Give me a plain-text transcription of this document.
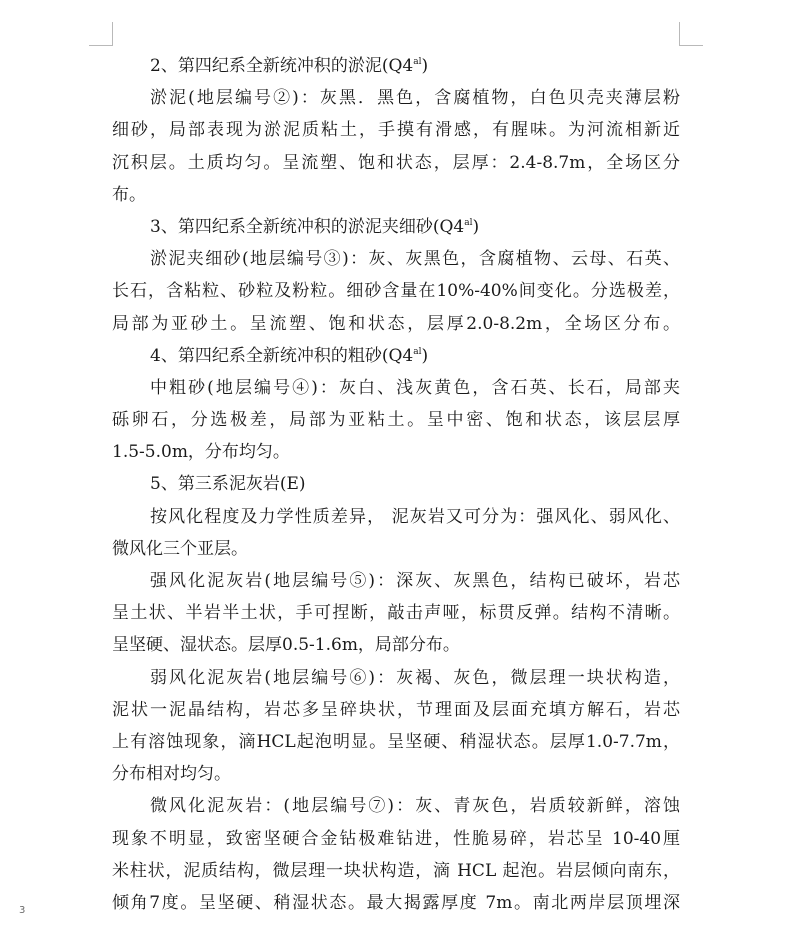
2、第四纪系全新统冲积的淤泥$(Q4^{al})$
淤泥(地层编号②)：灰黑．黑色，含腐植物，白色贝壳夹薄层粉
细砂，局部表现为淤泥质粘土，手摸有滑感，有腥味。为河流相新近
沉积层。土质均匀。呈流塑、饱和状态，层厚：2.4-8.7m，全场区分
布。
3、第四纪系全新统冲积的淤泥夹细砂$(Q4^{al})$
淤泥夹细砂(地层编号③)：灰、灰黑色，含腐植物、云母、石英、
长石，含粘粒、砂粒及粉粒。细砂含量在10%-40%间变化。分选极差，
局部为亚砂土。呈流塑、饱和状态，层厚2.0-8.2m，全场区分布。
4、第四纪系全新统冲积的粗砂$(Q4^{al})$
中粗砂(地层编号④)：灰白、浅灰黄色，含石英、长石，局部夹
砾卵石，分选极差，局部为亚粘土。呈中密、饱和状态，该层层厚
1.5-5.0m，分布均匀。
5、第三系泥灰岩(E)
按风化程度及力学性质差异， 泥灰岩又可分为：强风化、弱风化、
微风化三个亚层。
强风化泥灰岩(地层编号⑤)：深灰、灰黑色，结构已破坏，岩芯
呈土状、半岩半土状，手可捏断，敲击声哑，标贯反弹。结构不清晰。
呈坚硬、湿状态。层厚0.5-1.6m，局部分布。
弱风化泥灰岩(地层编号⑥)：灰褐、灰色，微层理一块状构造，
泥状一泥晶结构，岩芯多呈碎块状，节理面及层面充填方解石，岩芯
上有溶蚀现象，滴HCL起泡明显。呈坚硬、稍湿状态。层厚1.0-7.7m，
分布相对均匀。
微风化泥灰岩：(地层编号⑦)：灰、青灰色，岩质较新鲜，溶蚀
现象不明显，致密坚硬合金钻极难钻进，性脆易碎，岩芯呈 10-40厘
米柱状，泥质结构，微层理一块状构造，滴 HCL 起泡。岩层倾向南东，
倾角7度。呈坚硬、稍湿状态。最大揭露厚度 7m。南北两岸层顶埋深
3
